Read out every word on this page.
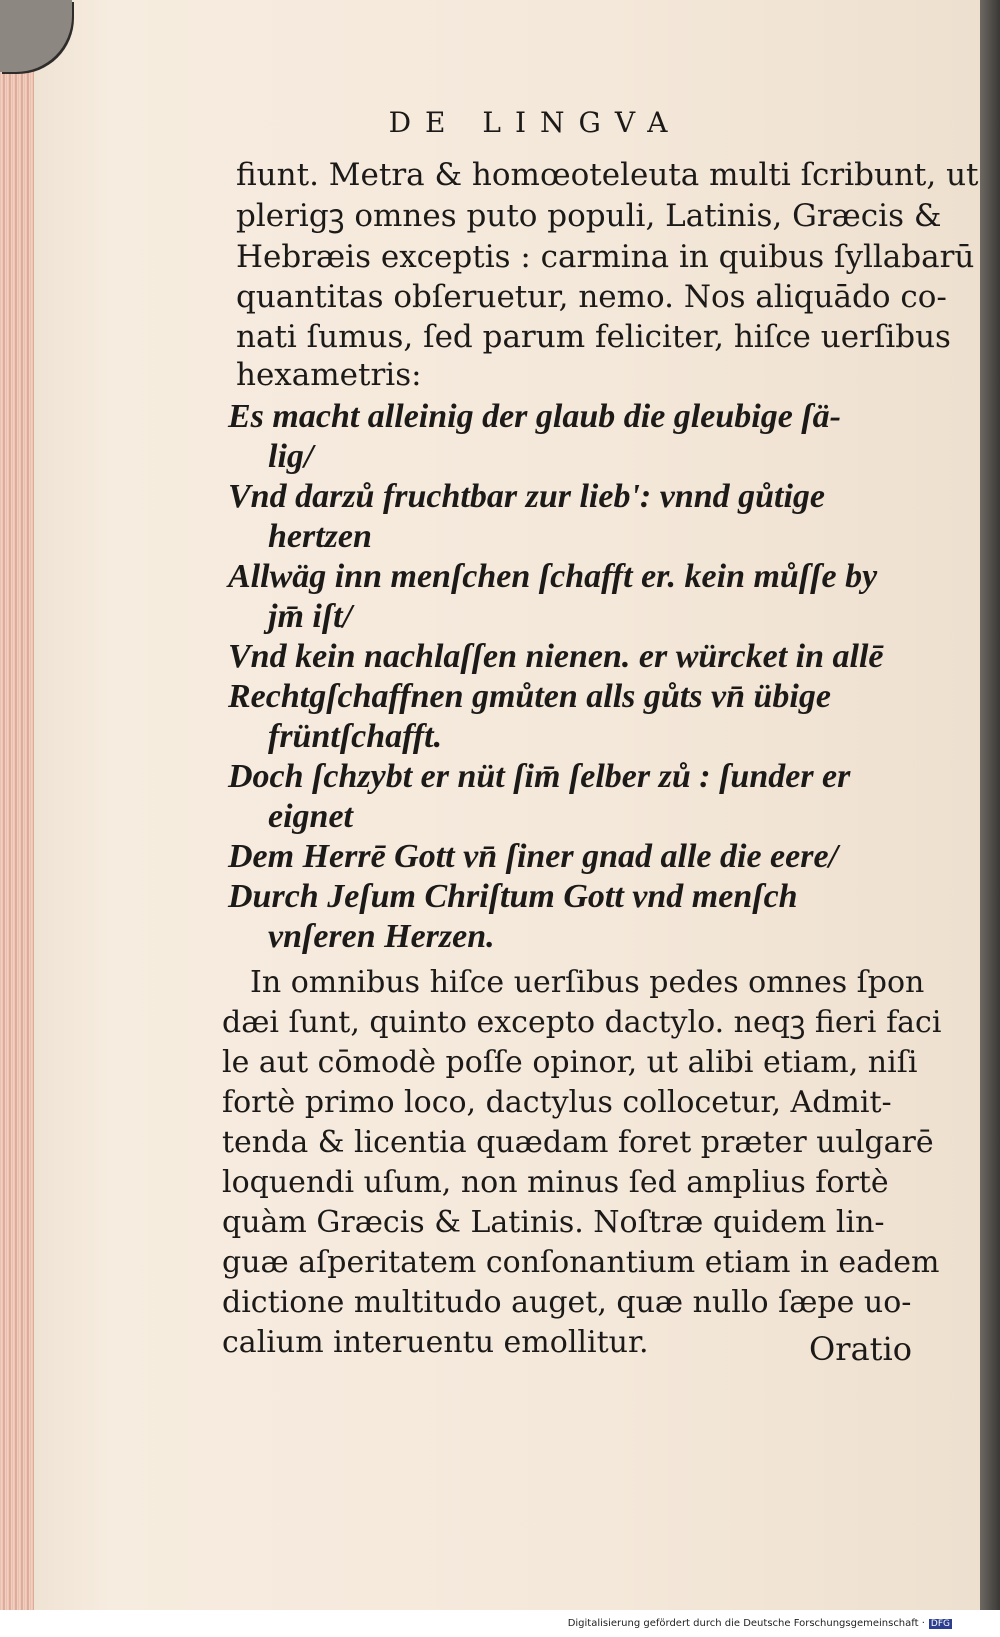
DE LINGVA
fiunt. Metra & homœoteleuta multi ſcribunt, ut
plerigꝫ omnes puto populi, Latinis, Græcis &
Hebræis exceptis : carmina in quibus ſyllabarū
quantitas obſeruetur, nemo. Nos aliquādo co-
nati ſumus, ſed parum feliciter, hiſce uerſibus
hexametris:
Es macht alleinig der glaub die gleubige ſä-
lig/
Vnd darzů fruchtbar zur lieb': vnnd gůtige
hertzen
Allwäg inn menſchen ſchafft er. kein můſſe by
jm̄ iſt/
Vnd kein nachlaſſen nienen. er würcket in allē
Rechtgſchaffnen gmůten alls gůts vn̄ übige
früntſchafft.
Doch ſchzybt er nüt ſim̄ ſelber zů : ſunder er
eignet
Dem Herrē Gott vn̄ ſiner gnad alle die eere/
Durch Jeſum Chriſtum Gott vnd menſch
vnſeren Herzen.
In omnibus hiſce uerſibus pedes omnes ſpon
dæi ſunt, quinto excepto dactylo. neqꝫ fieri faci
le aut cōmodè poſſe opinor, ut alibi etiam, niſi
fortè primo loco, dactylus collocetur, Admit-
tenda & licentia quædam foret præter uulgarē
loquendi uſum, non minus ſed amplius fortè
quàm Græcis & Latinis. Noſtræ quidem lin-
guæ aſperitatem conſonantium etiam in eadem
dictione multitudo auget, quæ nullo ſæpe uo-
calium interuentu emollitur.	Oratio
Digitalisierung gefördert durch die Deutsche Forschungsgemeinschaft · DFG
